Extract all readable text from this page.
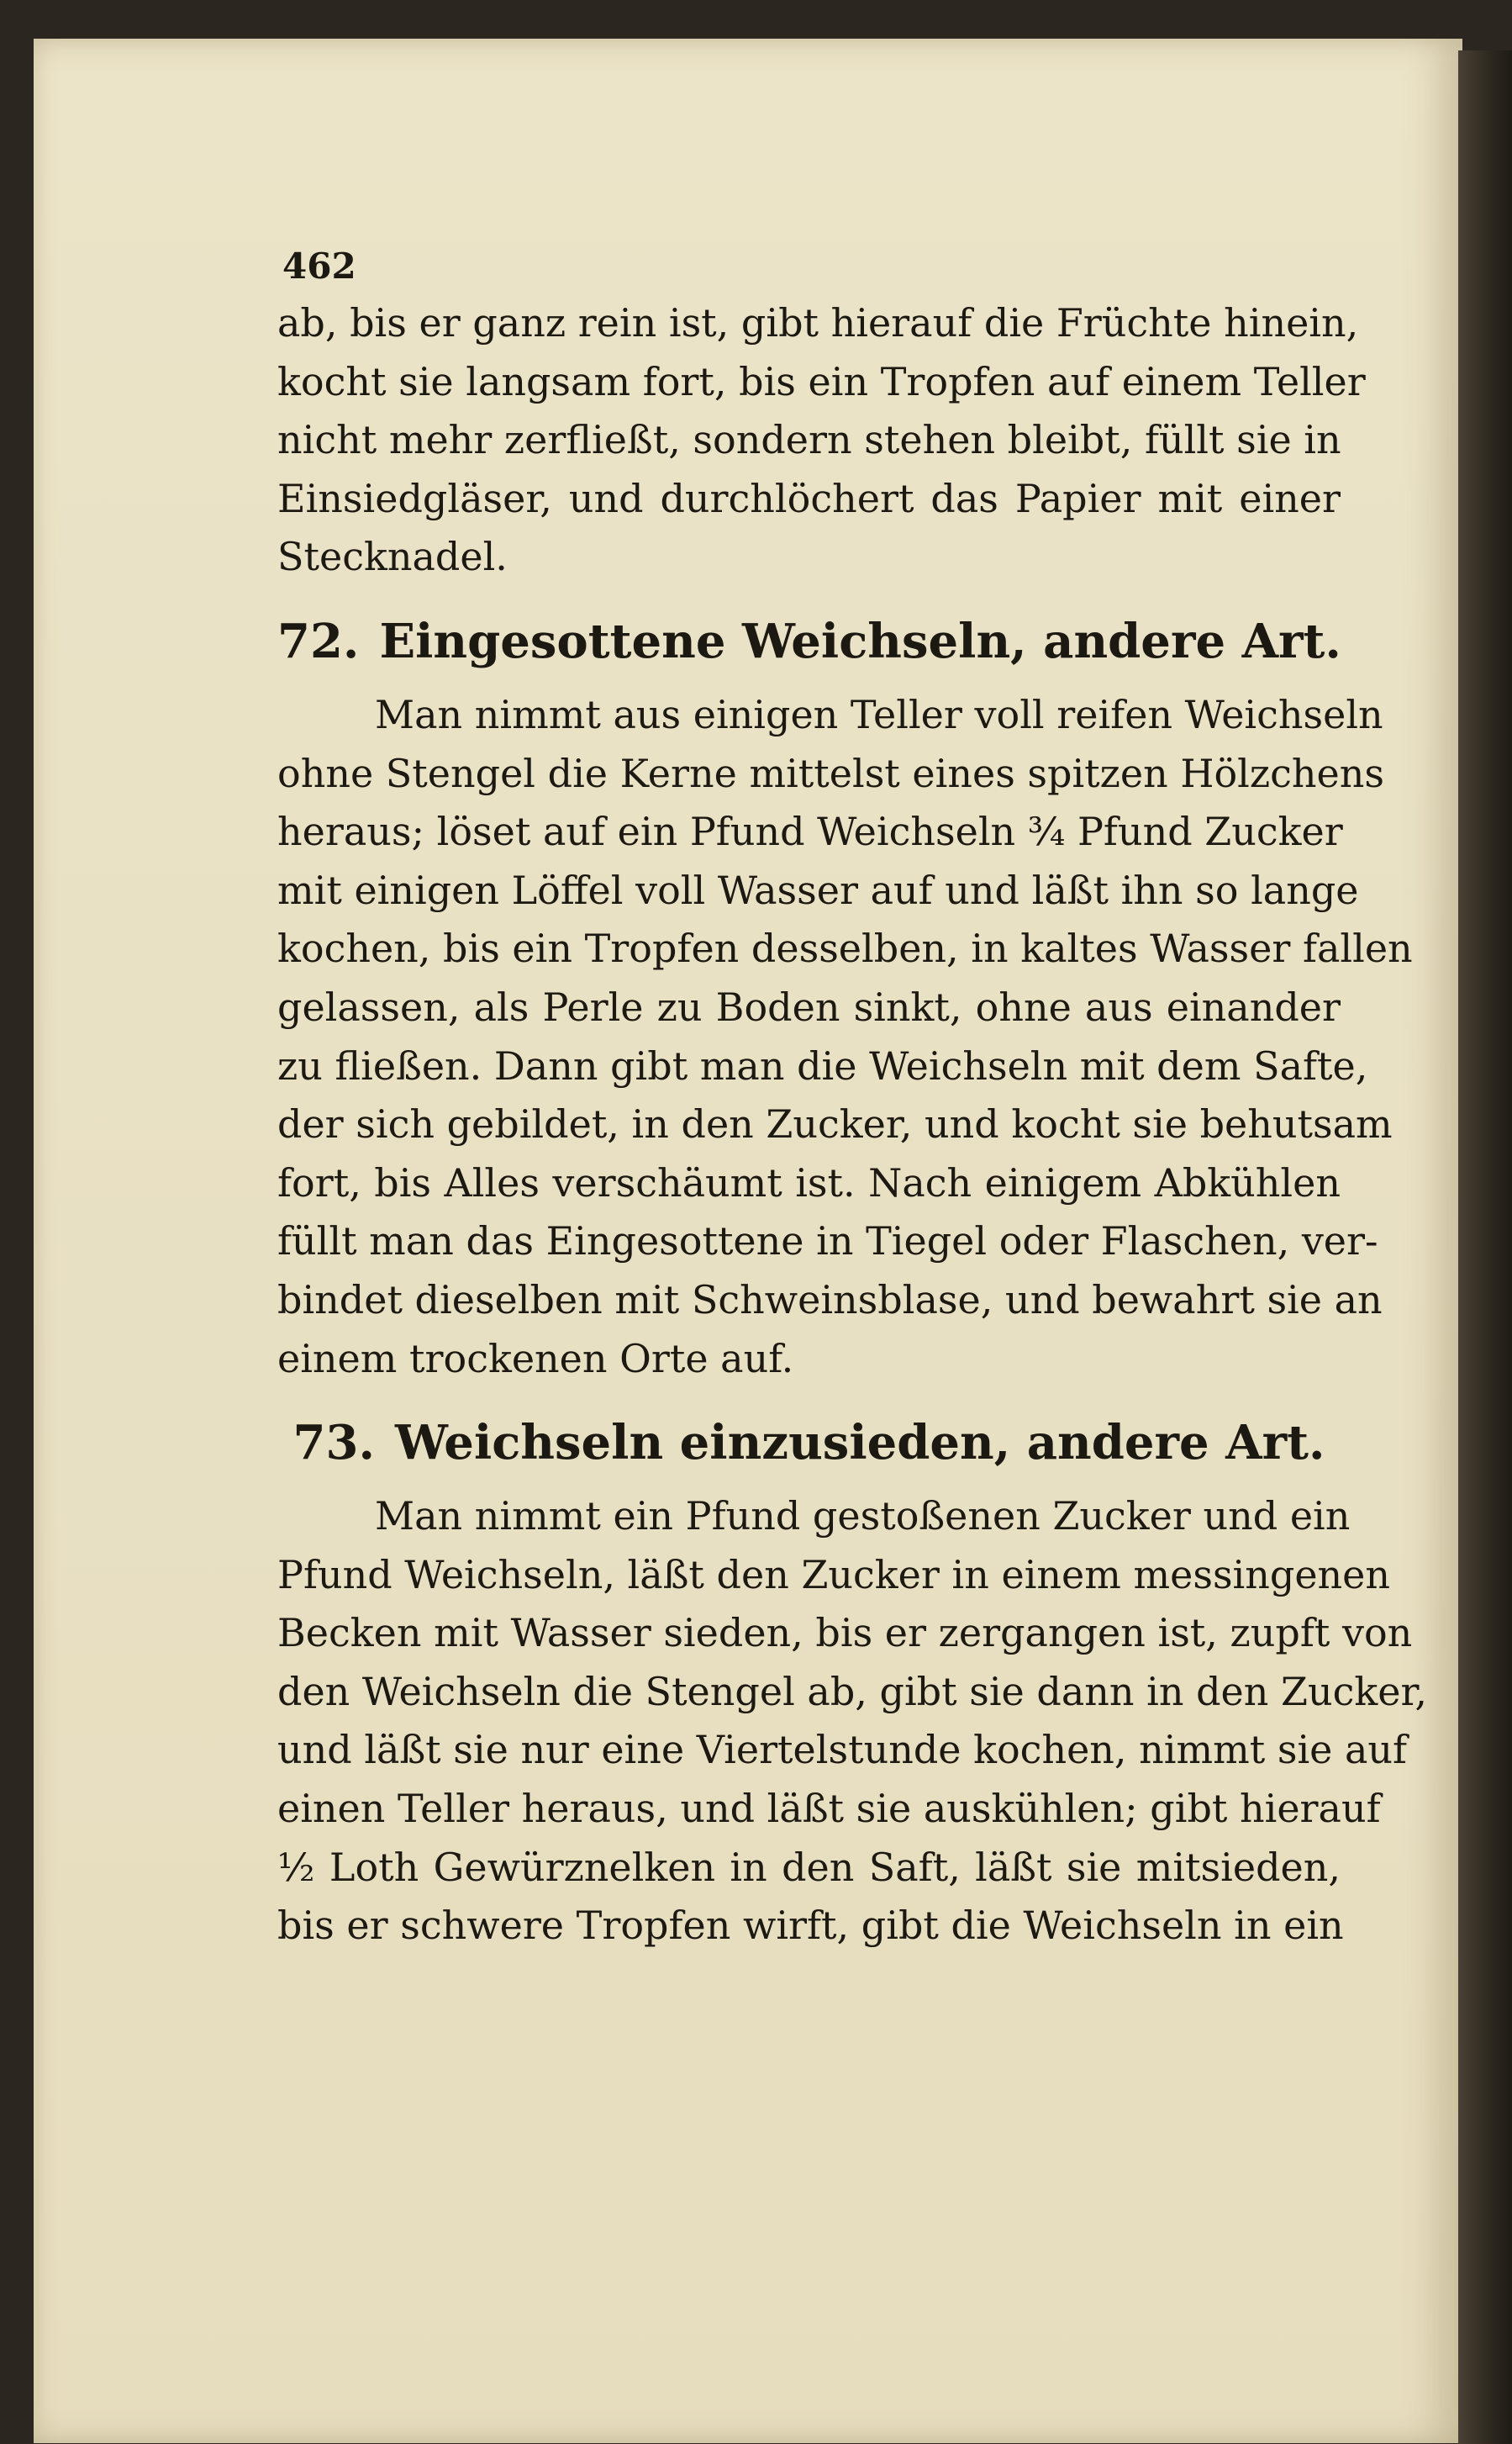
462
ab, bis er ganz rein ist, gibt hierauf die Früchte hinein,
kocht sie langsam fort, bis ein Tropfen auf einem Teller
nicht mehr zerfließt, sondern stehen bleibt, füllt sie in
Einsiedgläser, und durchlöchert das Papier mit einer
Stecknadel.
72. Eingesottene Weichseln, andere Art.
Man nimmt aus einigen Teller voll reifen Weichseln
ohne Stengel die Kerne mittelst eines spitzen Hölzchens
heraus; löset auf ein Pfund Weichseln ¾ Pfund Zucker
mit einigen Löffel voll Wasser auf und läßt ihn so lange
kochen, bis ein Tropfen desselben, in kaltes Wasser fallen
gelassen, als Perle zu Boden sinkt, ohne aus einander
zu fließen. Dann gibt man die Weichseln mit dem Safte,
der sich gebildet, in den Zucker, und kocht sie behutsam
fort, bis Alles verschäumt ist. Nach einigem Abkühlen
füllt man das Eingesottene in Tiegel oder Flaschen, ver-
bindet dieselben mit Schweinsblase, und bewahrt sie an
einem trockenen Orte auf.
73. Weichseln einzusieden, andere Art.
Man nimmt ein Pfund gestoßenen Zucker und ein
Pfund Weichseln, läßt den Zucker in einem messingenen
Becken mit Wasser sieden, bis er zergangen ist, zupft von
den Weichseln die Stengel ab, gibt sie dann in den Zucker,
und läßt sie nur eine Viertelstunde kochen, nimmt sie auf
einen Teller heraus, und läßt sie auskühlen; gibt hierauf
½ Loth Gewürznelken in den Saft, läßt sie mitsieden,
bis er schwere Tropfen wirft, gibt die Weichseln in ein
